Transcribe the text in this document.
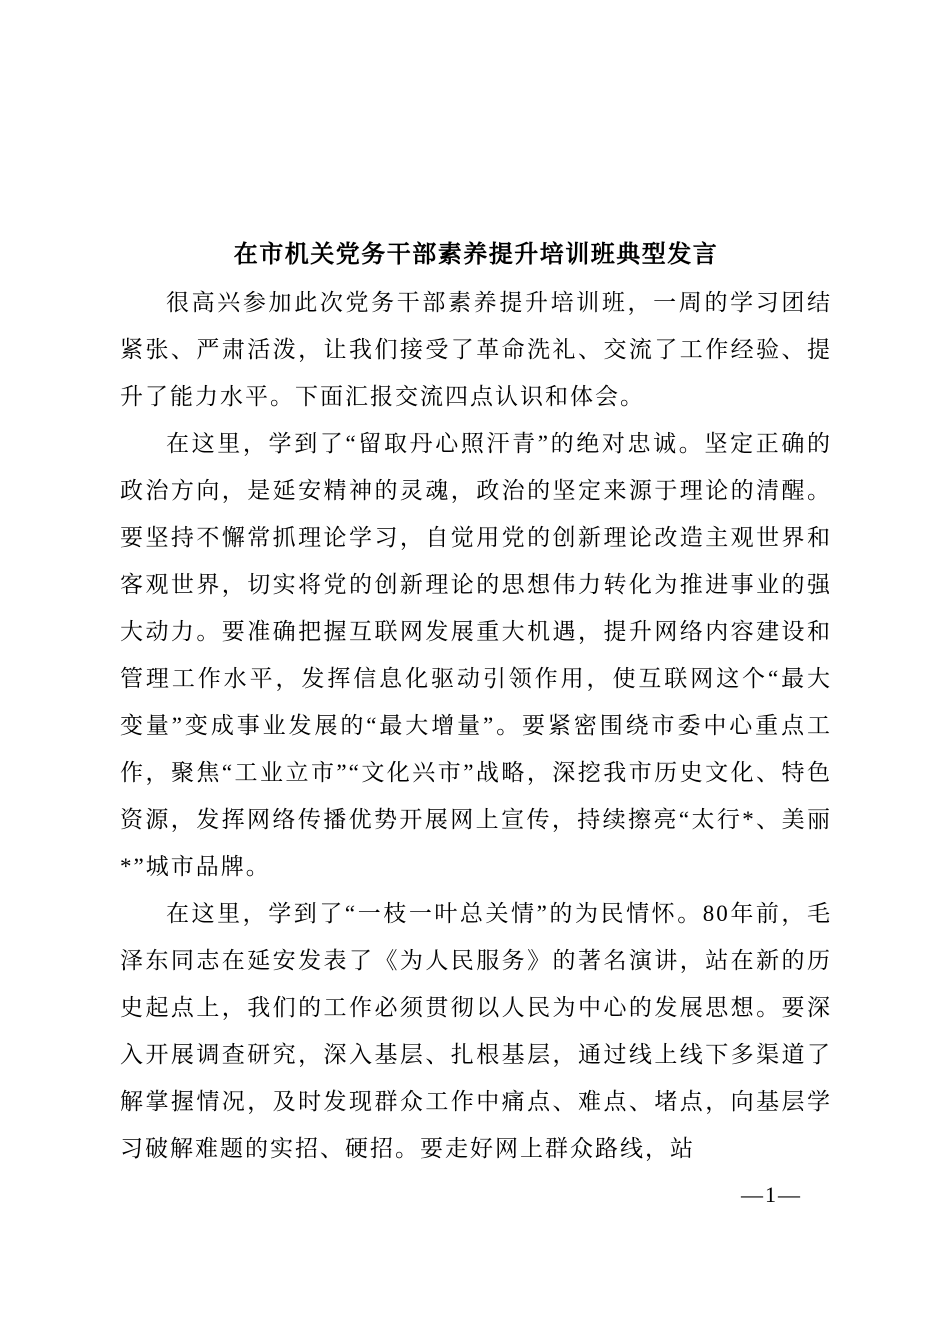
在市机关党务干部素养提升培训班典型发言

很高兴参加此次党务干部素养提升培训班，一周的学习团结紧张、严肃活泼，让我们接受了革命洗礼、交流了工作经验、提升了能力水平。下面汇报交流四点认识和体会。

在这里，学到了“留取丹心照汗青”的绝对忠诚。坚定正确的政治方向，是延安精神的灵魂，政治的坚定来源于理论的清醒。要坚持不懈常抓理论学习，自觉用党的创新理论改造主观世界和客观世界，切实将党的创新理论的思想伟力转化为推进事业的强大动力。要准确把握互联网发展重大机遇，提升网络内容建设和管理工作水平，发挥信息化驱动引领作用，使互联网这个“最大变量”变成事业发展的“最大增量”。要紧密围绕市委中心重点工作，聚焦“工业立市”“文化兴市”战略，深挖我市历史文化、特色资源，发挥网络传播优势开展网上宣传，持续擦亮“太行*、美丽*”城市品牌。

在这里，学到了“一枝一叶总关情”的为民情怀。80年前，毛泽东同志在延安发表了《为人民服务》的著名演讲，站在新的历史起点上，我们的工作必须贯彻以人民为中心的发展思想。要深入开展调查研究，深入基层、扎根基层，通过线上线下多渠道了解掌握情况，及时发现群众工作中痛点、难点、堵点，向基层学习破解难题的实招、硬招。要走好网上群众路线，站

—1—
